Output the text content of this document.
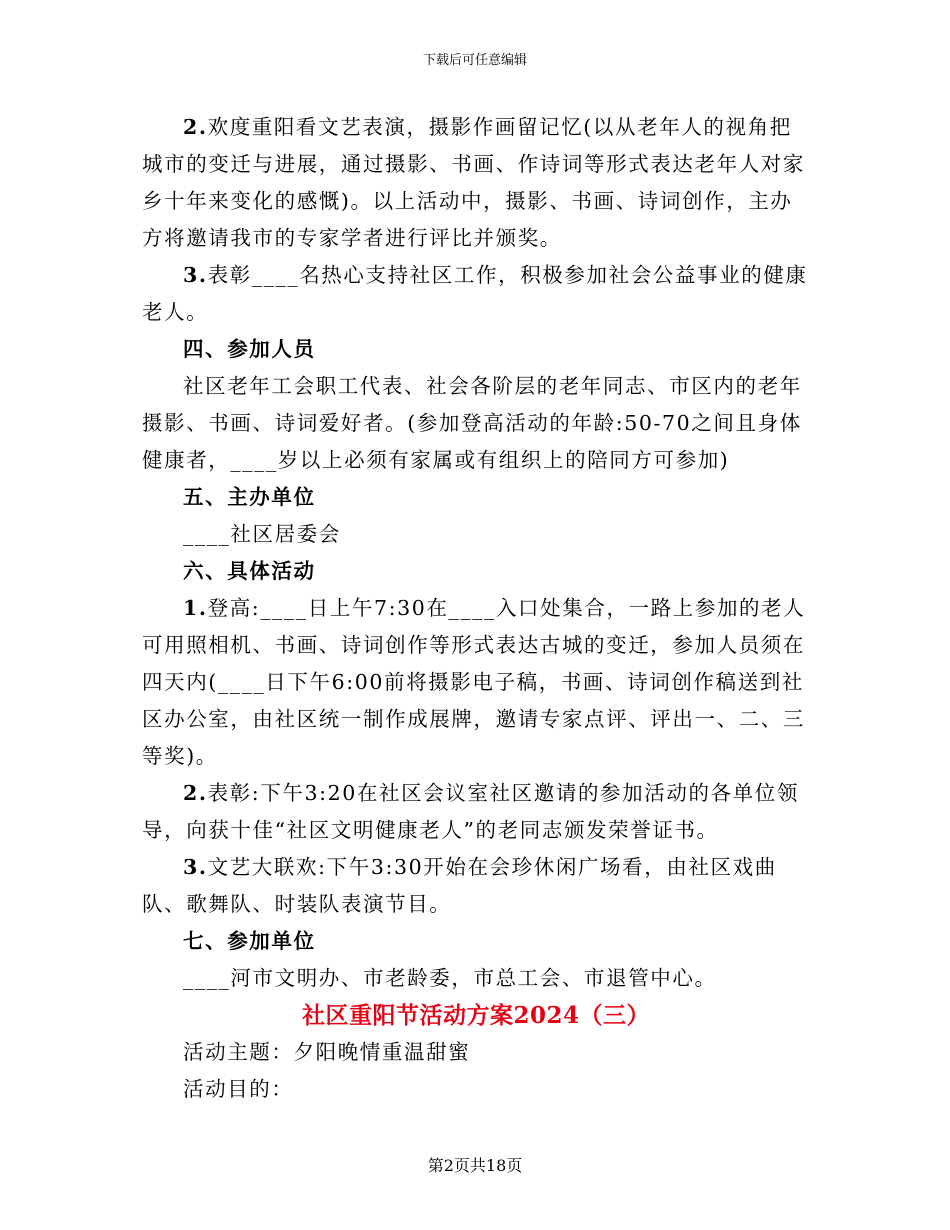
下载后可任意编辑

2.欢度重阳看文艺表演，摄影作画留记忆(以从老年人的视角把城市的变迁与进展，通过摄影、书画、作诗词等形式表达老年人对家乡十年来变化的感慨)。以上活动中，摄影、书画、诗词创作，主办方将邀请我市的专家学者进行评比并颁奖。

3.表彰____名热心支持社区工作，积极参加社会公益事业的健康老人。

四、参加人员

社区老年工会职工代表、社会各阶层的老年同志、市区内的老年摄影、书画、诗词爱好者。(参加登高活动的年龄:50-70之间且身体健康者，____岁以上必须有家属或有组织上的陪同方可参加)

五、主办单位

____社区居委会

六、具体活动

1.登高:____日上午7:30在____入口处集合，一路上参加的老人可用照相机、书画、诗词创作等形式表达古城的变迁，参加人员须在四天内(____日下午6:00前将摄影电子稿，书画、诗词创作稿送到社区办公室，由社区统一制作成展牌，邀请专家点评、评出一、二、三等奖)。

2.表彰:下午3:20在社区会议室社区邀请的参加活动的各单位领导，向获十佳“社区文明健康老人”的老同志颁发荣誉证书。

3.文艺大联欢:下午3:30开始在会珍休闲广场看，由社区戏曲队、歌舞队、时装队表演节目。

七、参加单位

____河市文明办、市老龄委，市总工会、市退管中心。

社区重阳节活动方案2024（三）

活动主题：夕阳晚情重温甜蜜

活动目的：

第2页共18页
